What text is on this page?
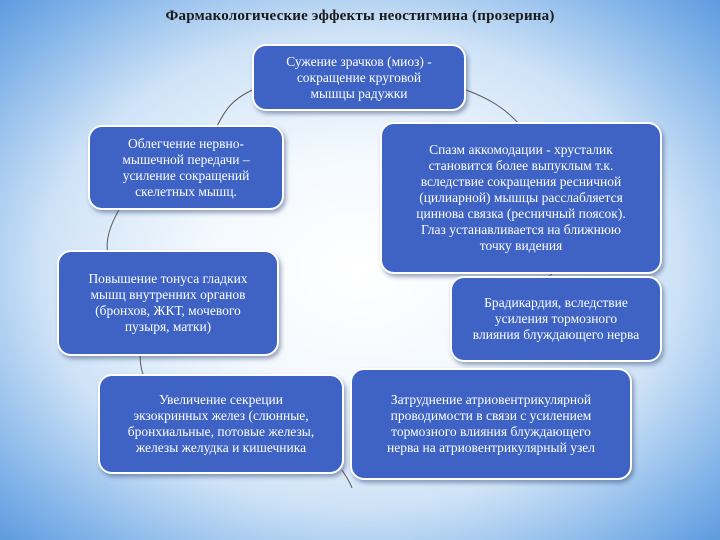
Фармакологические эффекты неостигмина (прозерина)
Сужение зрачков (миоз) -
сокращение круговой
мышцы радужки
Облегчение нервно-
мышечной передачи –
усиление сокращений
скелетных мышц.
Спазм аккомодации - хрусталик
становится более выпуклым т.к.
вследствие сокращения ресничной
(цилиарной) мышцы расслабляется
циннова связка (ресничный поясок).
Глаз устанавливается на ближнюю
точку видения
Повышение тонуса гладких
мышц внутренних органов
(бронхов, ЖКТ, мочевого
пузыря, матки)
Брадикардия, вследствие
усиления тормозного
влияния блуждающего нерва
Увеличение секреции
экзокринных желез (слюнные,
бронхиальные, потовые железы,
железы желудка и кишечника
Затруднение атриовентрикулярной
проводимости в связи с усилением
тормозного влияния блуждающего
нерва на атриовентрикулярный узел
